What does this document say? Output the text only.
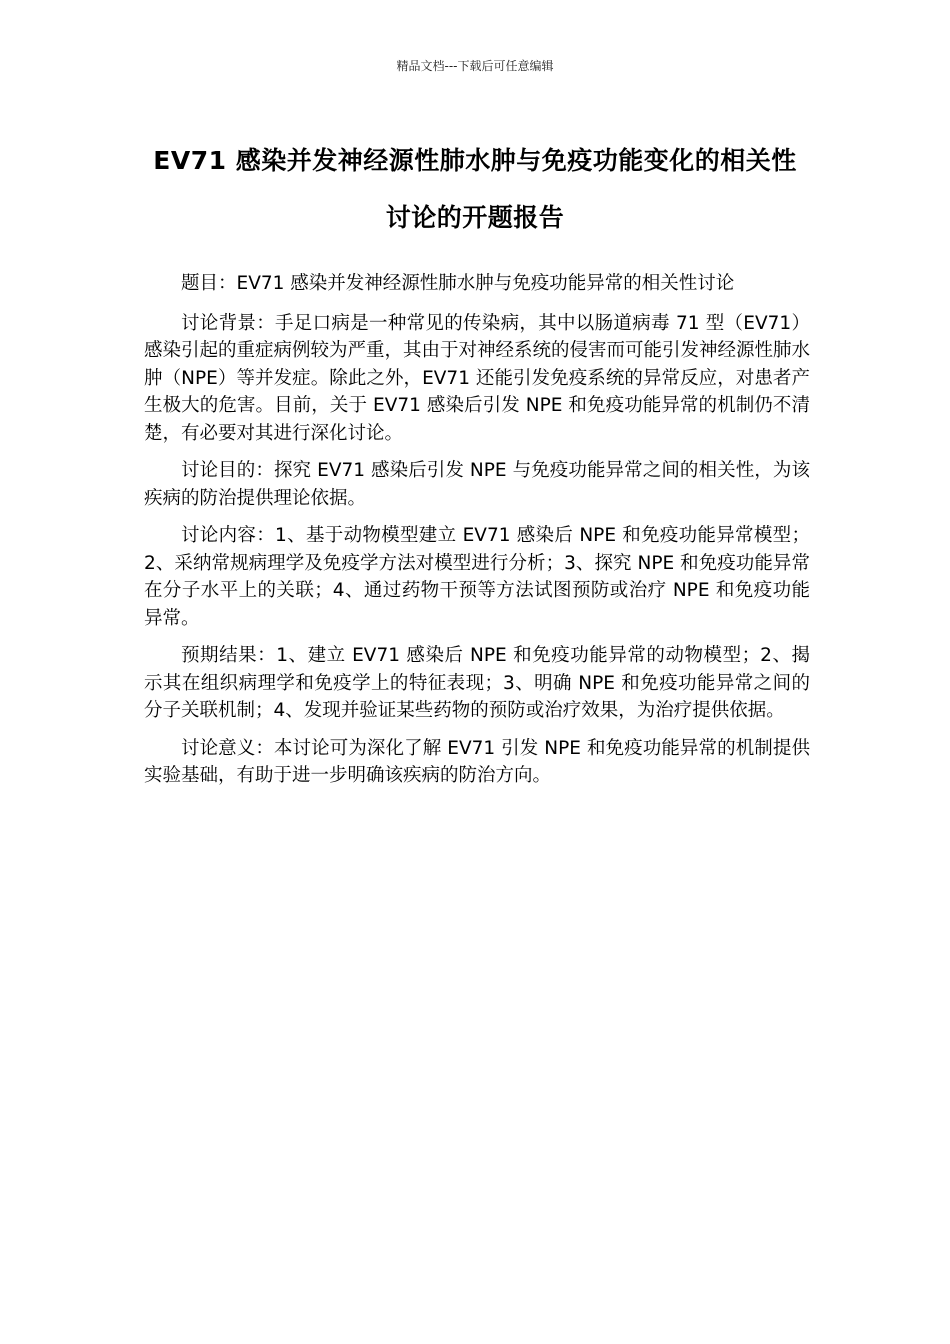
精品文档---下载后可任意编辑
EV71 感染并发神经源性肺水肿与免疫功能变化的相关性讨论的开题报告

题目：EV71 感染并发神经源性肺水肿与免疫功能异常的相关性讨论

讨论背景：手足口病是一种常见的传染病，其中以肠道病毒 71 型（EV71）感染引起的重症病例较为严重，其由于对神经系统的侵害而可能引发神经源性肺水肿（NPE）等并发症。除此之外，EV71 还能引发免疫系统的异常反应，对患者产生极大的危害。目前，关于 EV71 感染后引发 NPE 和免疫功能异常的机制仍不清楚，有必要对其进行深化讨论。

讨论目的：探究 EV71 感染后引发 NPE 与免疫功能异常之间的相关性，为该疾病的防治提供理论依据。

讨论内容：1、基于动物模型建立 EV71 感染后 NPE 和免疫功能异常模型；2、采纳常规病理学及免疫学方法对模型进行分析；3、探究 NPE 和免疫功能异常在分子水平上的关联；4、通过药物干预等方法试图预防或治疗 NPE 和免疫功能异常。

预期结果：1、建立 EV71 感染后 NPE 和免疫功能异常的动物模型；2、揭示其在组织病理学和免疫学上的特征表现；3、明确 NPE 和免疫功能异常之间的分子关联机制；4、发现并验证某些药物的预防或治疗效果，为治疗提供依据。

讨论意义：本讨论可为深化了解 EV71 引发 NPE 和免疫功能异常的机制提供实验基础，有助于进一步明确该疾病的防治方向。
